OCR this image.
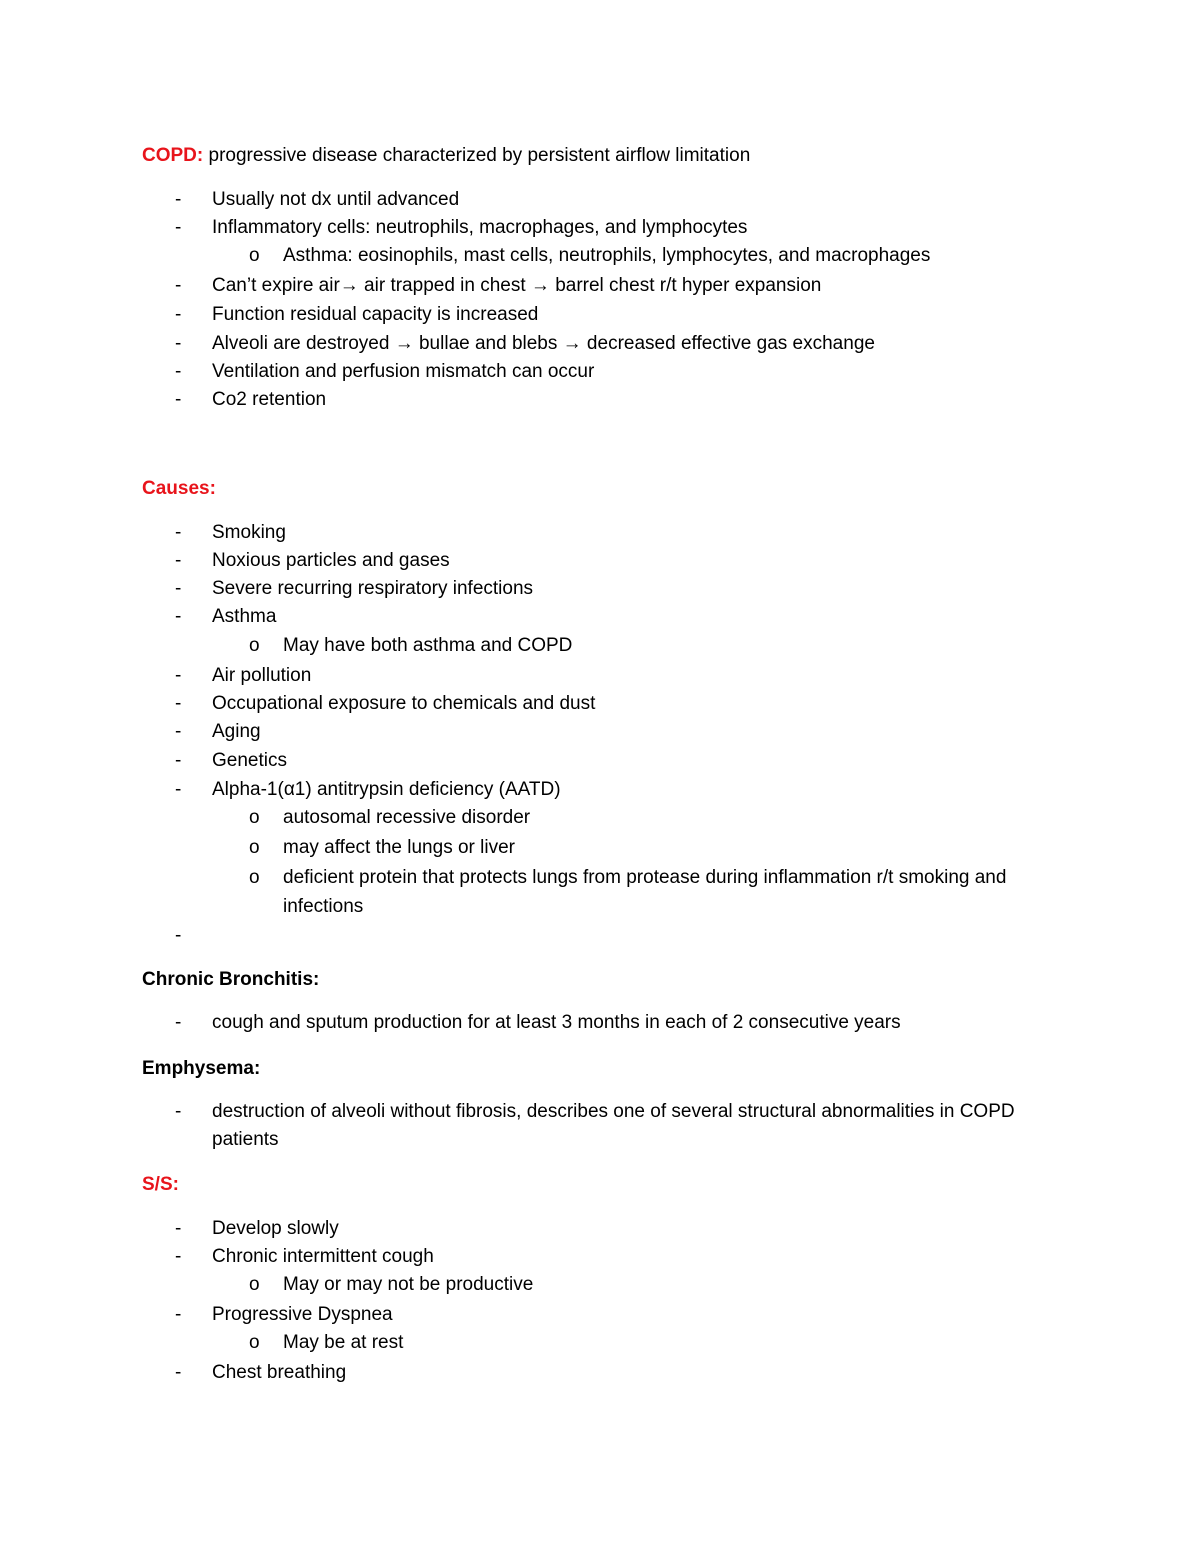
COPD: progressive disease characterized by persistent airflow limitation
- Usually not dx until advanced
- Inflammatory cells: neutrophils, macrophages, and lymphocytes
o Asthma: eosinophils, mast cells, neutrophils, lymphocytes, and macrophages
- Can’t expire air→ air trapped in chest → barrel chest r/t hyper expansion
- Function residual capacity is increased
- Alveoli are destroyed → bullae and blebs → decreased effective gas exchange
- Ventilation and perfusion mismatch can occur
- Co2 retention
Causes:
- Smoking
- Noxious particles and gases
- Severe recurring respiratory infections
- Asthma
o May have both asthma and COPD
- Air pollution
- Occupational exposure to chemicals and dust
- Aging
- Genetics
- Alpha-1(α1) antitrypsin deficiency (AATD)
o autosomal recessive disorder
o may affect the lungs or liver
o deficient protein that protects lungs from protease during inflammation r/t smoking and
infections
-
Chronic Bronchitis:
- cough and sputum production for at least 3 months in each of 2 consecutive years
Emphysema:
- destruction of alveoli without fibrosis, describes one of several structural abnormalities in COPD
patients
S/S:
- Develop slowly
- Chronic intermittent cough
o May or may not be productive
- Progressive Dyspnea
o May be at rest
- Chest breathing
